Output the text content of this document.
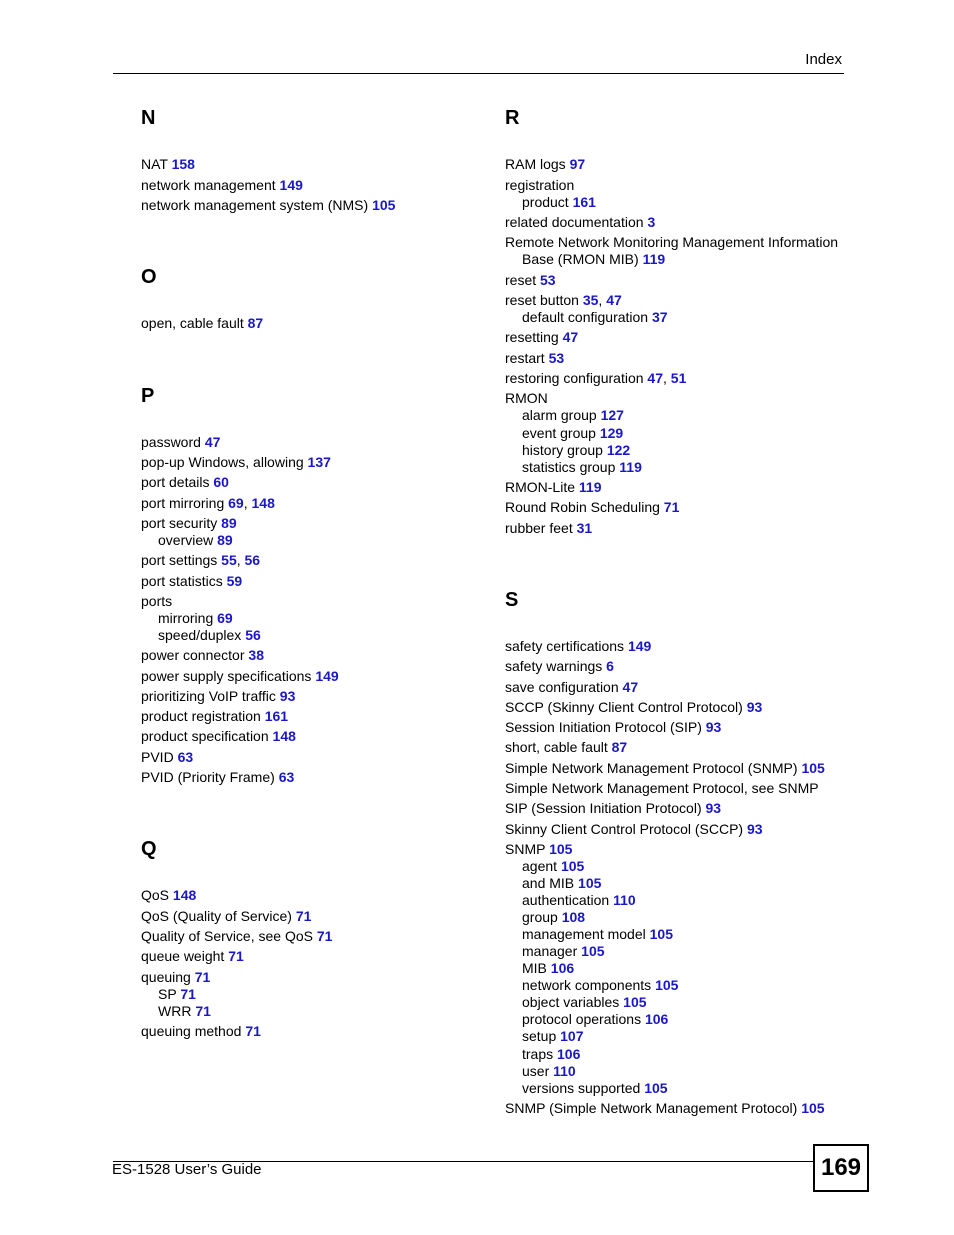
Index
N
NAT 158
network management 149
network management system (NMS) 105
O
open, cable fault 87
P
password 47
pop-up Windows, allowing 137
port details 60
port mirroring 69, 148
port security 89
overview 89
port settings 55, 56
port statistics 59
ports
mirroring 69
speed/duplex 56
power connector 38
power supply specifications 149
prioritizing VoIP traffic 93
product registration 161
product specification 148
PVID 63
PVID (Priority Frame) 63
Q
QoS 148
QoS (Quality of Service) 71
Quality of Service, see QoS 71
queue weight 71
queuing 71
SP 71
WRR 71
queuing method 71
R
RAM logs 97
registration
product 161
related documentation 3
Remote Network Monitoring Management Information
Base (RMON MIB) 119
reset 53
reset button 35, 47
default configuration 37
resetting 47
restart 53
restoring configuration 47, 51
RMON
alarm group 127
event group 129
history group 122
statistics group 119
RMON-Lite 119
Round Robin Scheduling 71
rubber feet 31
S
safety certifications 149
safety warnings 6
save configuration 47
SCCP (Skinny Client Control Protocol) 93
Session Initiation Protocol (SIP) 93
short, cable fault 87
Simple Network Management Protocol (SNMP) 105
Simple Network Management Protocol, see SNMP
SIP (Session Initiation Protocol) 93
Skinny Client Control Protocol (SCCP) 93
SNMP 105
agent 105
and MIB 105
authentication 110
group 108
management model 105
manager 105
MIB 106
network components 105
object variables 105
protocol operations 106
setup 107
traps 106
user 110
versions supported 105
SNMP (Simple Network Management Protocol) 105
ES-1528 User’s Guide	169
